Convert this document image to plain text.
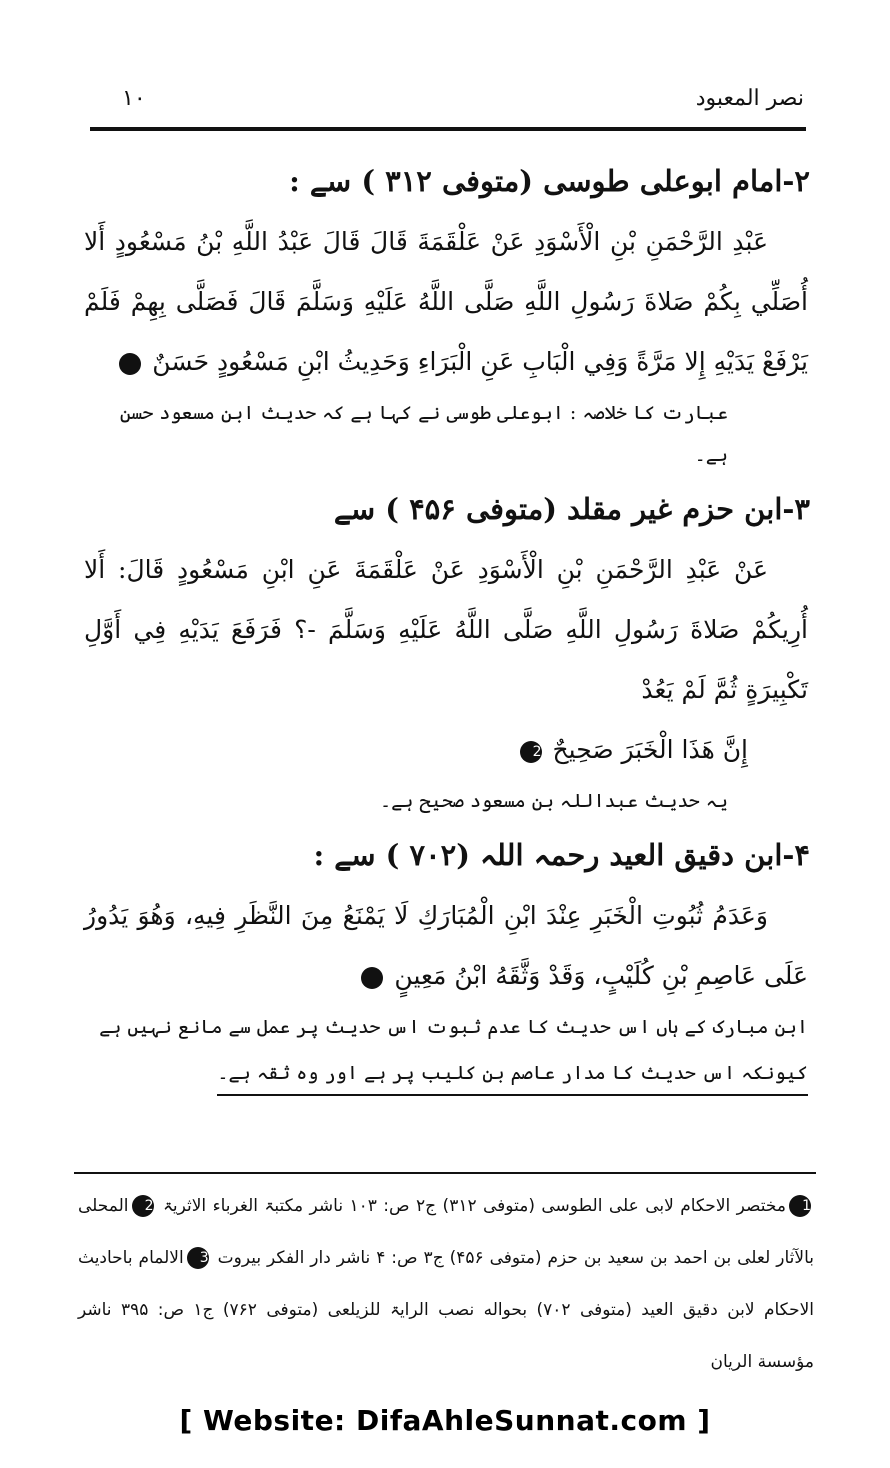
نصر المعبود
۱۰
۲-امام ابوعلی طوسی (متوفی ۳۱۲ ) سے :
عَبْدِ الرَّحْمَنِ بْنِ الْأَسْوَدِ عَنْ عَلْقَمَةَ قَالَ قَالَ عَبْدُ اللَّهِ بْنُ مَسْعُودٍ أَلا أُصَلِّي بِكُمْ صَلاةَ رَسُولِ اللَّهِ صَلَّى اللَّهُ عَلَيْهِ وَسَلَّمَ قَالَ فَصَلَّى بِهِمْ فَلَمْ يَرْفَعْ يَدَيْهِ إِلا مَرَّةً وَفِي الْبَابِ عَنِ الْبَرَاءِ وَحَدِيثُ ابْنِ مَسْعُودٍ حَسَنٌ 1
عبارت کا خلاصہ : ابوعلی طوسی نے کہا ہے کہ حدیث ابن مسعود حسن ہے۔
۳-ابن حزم غیر مقلد (متوفی ۴۵۶ ) سے
عَنْ عَبْدِ الرَّحْمَنِ بْنِ الْأَسْوَدِ عَنْ عَلْقَمَةَ عَنِ ابْنِ مَسْعُودٍ قَالَ: أَلا أُرِيكُمْ صَلاةَ رَسُولِ اللَّهِ صَلَّى اللَّهُ عَلَيْهِ وَسَلَّمَ -؟ فَرَفَعَ يَدَيْهِ فِي أَوَّلِ تَكْبِيرَةٍ ثُمَّ لَمْ يَعُدْ
إِنَّ هَذَا الْخَبَرَ صَحِيحٌ 2
یہ حدیث عبداللہ بن مسعود صحیح ہے۔
۴-ابن دقیق العید رحمہ اللہ (۷۰۲ ) سے :
وَعَدَمُ ثُبُوتِ الْخَبَرِ عِنْدَ ابْنِ الْمُبَارَكِ لَا يَمْنَعُ مِنَ النَّظَرِ فِيهِ، وَهُوَ يَدُورُ عَلَى عَاصِمِ بْنِ كُلَيْبٍ، وَقَدْ وَثَّقَهُ ابْنُ مَعِينٍ 3
ابن مبارک کے ہاں اس حدیث کا عدم ثبوت اس حدیث پر عمل سے مانع نہیں ہے
کیونکہ اس حدیث کا مدار عاصم بن کلیب پر ہے اور وہ ثقہ ہے۔
1مختصر الاحکام لابی علی الطوسی (متوفی ۳۱۲) ج۲ ص: ۱۰۳ ناشر مکتبۃ الغرباء الاثریۃ 2المحلی بالآثار لعلی بن احمد بن سعید بن حزم (متوفی ۴۵۶) ج۳ ص: ۴ ناشر دار الفکر بیروت 3الالمام باحادیث الاحکام لابن دقیق العید (متوفی ۷۰۲) بحواله نصب الرایۃ للزیلعی (متوفی ۷۶۲) ج۱ ص: ۳۹۵ ناشر مؤسسة الريان
[ Website: DifaAhleSunnat.com ]
